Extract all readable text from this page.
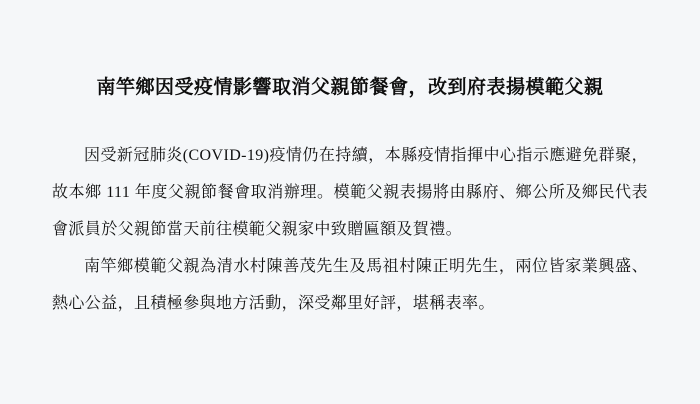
南竿鄉因受疫情影響取消父親節餐會，改到府表揚模範父親

因受新冠肺炎(COVID-19)疫情仍在持續，本縣疫情指揮中心指示應避免群聚，故本鄉 111 年度父親節餐會取消辦理。模範父親表揚將由縣府、鄉公所及鄉民代表會派員於父親節當天前往模範父親家中致贈匾額及賀禮。

南竿鄉模範父親為清水村陳善茂先生及馬祖村陳正明先生，兩位皆家業興盛、熱心公益，且積極參與地方活動，深受鄰里好評，堪稱表率。
